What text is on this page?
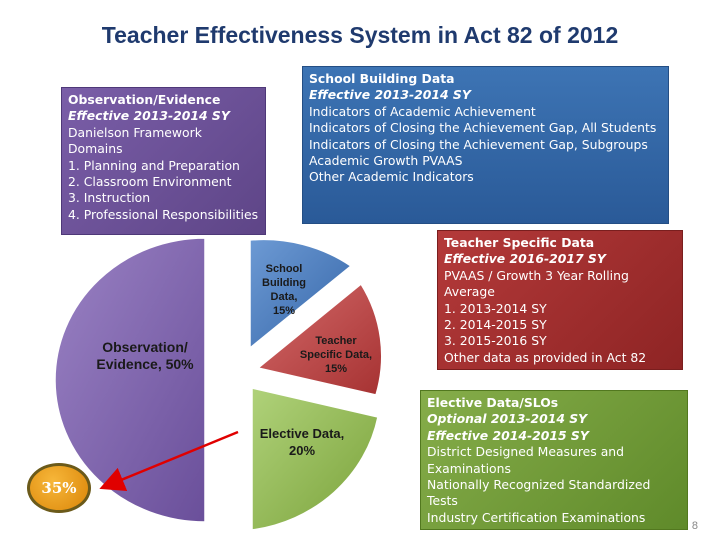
Teacher Effectiveness System in Act 82 of 2012
Observation/
Evidence, 50%
School
Building
Data,
15%
Teacher
Specific Data,
15%
Elective Data,
20%
Observation/Evidence
Effective 2013-2014 SY
Danielson Framework Domains
1. Planning and Preparation
2. Classroom Environment
3. Instruction
4. Professional Responsibilities
School Building Data
Effective 2013-2014 SY
Indicators of Academic Achievement
Indicators of Closing the Achievement Gap, All Students
Indicators of Closing the Achievement Gap, Subgroups
Academic Growth PVAAS
Other Academic Indicators
Teacher Specific Data
Effective 2016-2017 SY
PVAAS / Growth 3 Year Rolling Average
1. 2013-2014 SY
2. 2014-2015 SY
3. 2015-2016 SY
Other data as provided in Act 82
Elective Data/SLOs
Optional 2013-2014 SY
Effective 2014-2015 SY
District Designed Measures and Examinations
Nationally Recognized Standardized Tests
Industry Certification Examinations
35%
8
